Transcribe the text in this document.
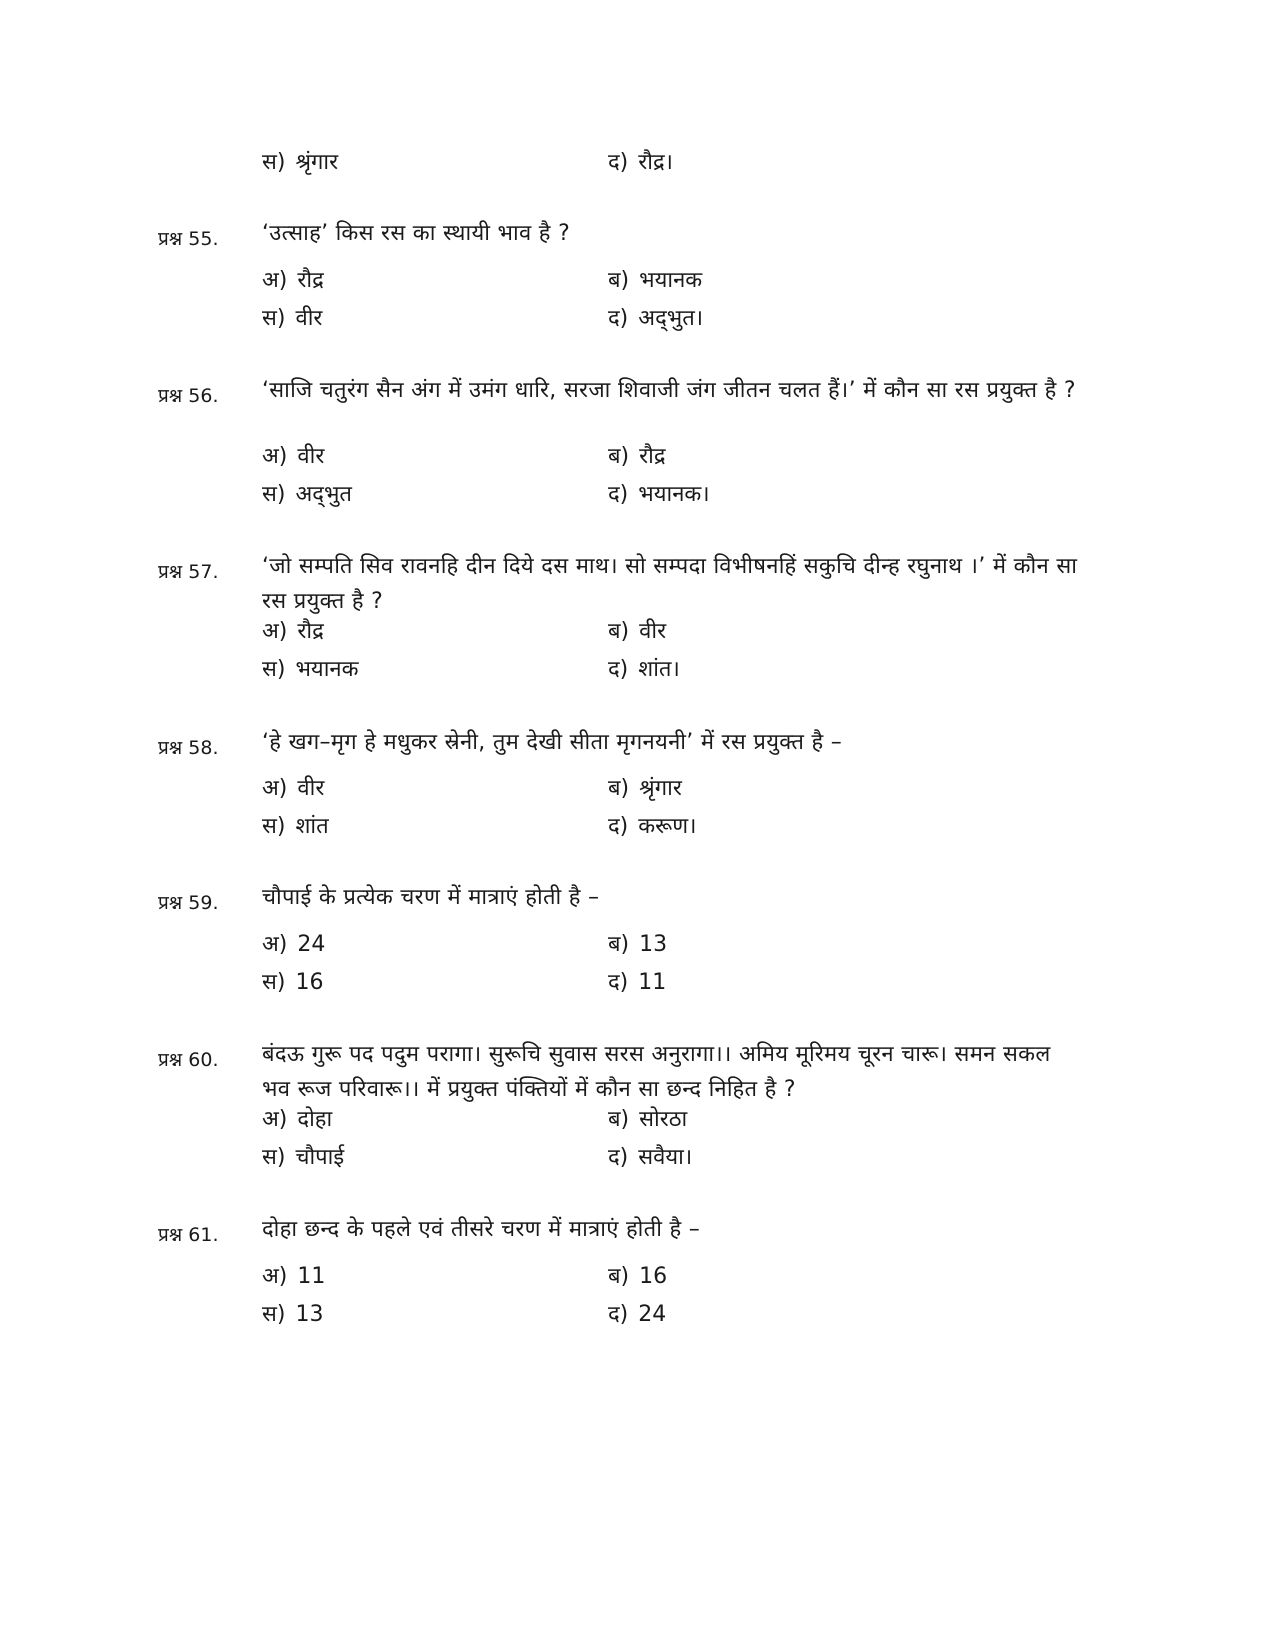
स) श्रृंगार	द) रौद्र।
प्रश्न 55. ‘उत्साह’ किस रस का स्थायी भाव है ?
अ) रौद्र	ब) भयानक
स) वीर	द) अद्‌भुत।
प्रश्न 56. ‘साजि चतुरंग सैन अंग में उमंग धारि, सरजा शिवाजी जंग जीतन चलत हैं।’ में कौन सा रस प्रयुक्त है ?
अ) वीर	ब) रौद्र
स) अद्‌भुत	द) भयानक।
प्रश्न 57. ‘जो सम्पति सिव रावनहि दीन दिये दस माथ। सो सम्पदा विभीषनहिं सकुचि दीन्ह रघुनाथ ।’ में कौन सा रस प्रयुक्त है ?
अ) रौद्र	ब) वीर
स) भयानक	द) शांत।
प्रश्न 58. ‘हे खग–मृग हे मधुकर स्रेनी, तुम देखी सीता मृगनयनी’ में रस प्रयुक्त है –
अ) वीर	ब) श्रृंगार
स) शांत	द) करूण।
प्रश्न 59. चौपाई के प्रत्येक चरण में मात्राएं होती है –
अ) 24	ब) 13
स) 16	द) 11
प्रश्न 60. बंदऊ गुरू पद पदुम परागा। सुरूचि सुवास सरस अनुरागा।। अमिय मूरिमय चूरन चारू। समन सकल भव रूज परिवारू।। में प्रयुक्त पंक्तियों में कौन सा छन्द निहित है ?
अ) दोहा	ब) सोरठा
स) चौपाई	द) सवैया।
प्रश्न 61. दोहा छन्द के पहले एवं तीसरे चरण में मात्राएं होती है –
अ) 11	ब) 16
स) 13	द) 24
